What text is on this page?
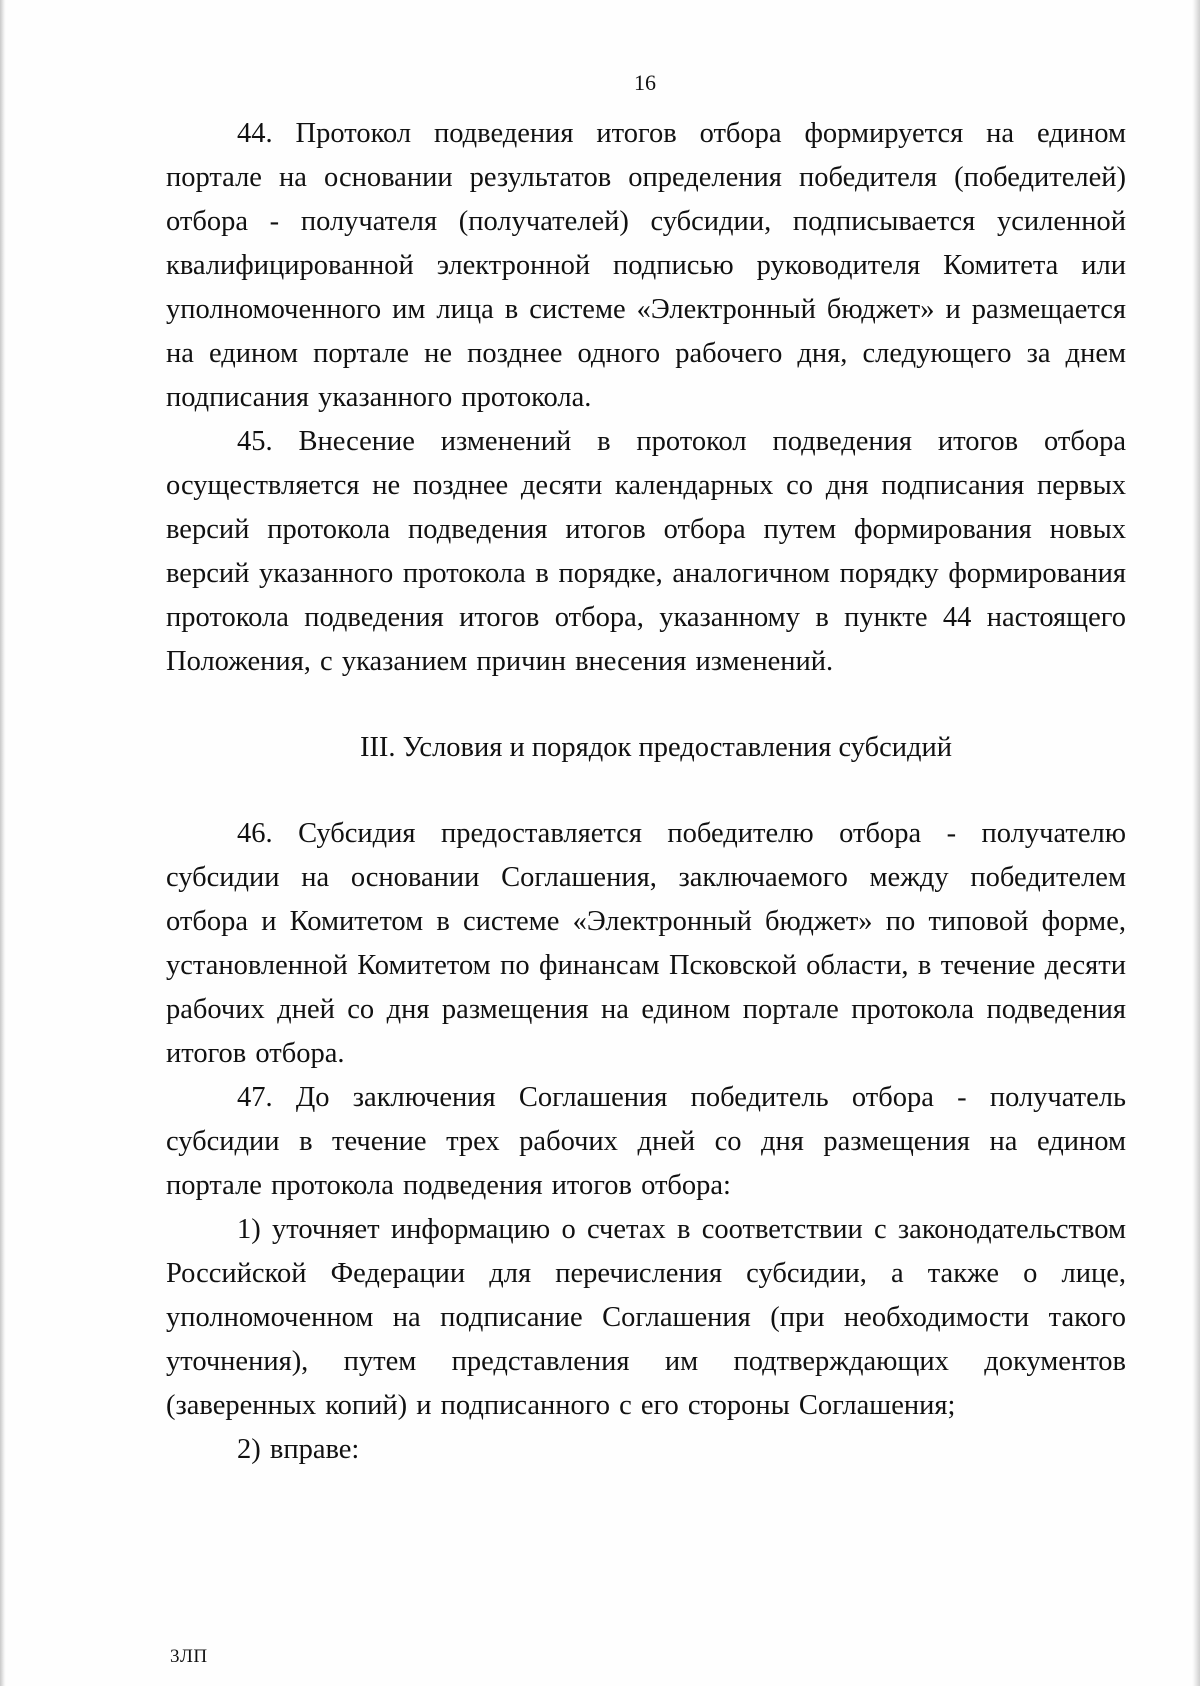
16

44. Протокол подведения итогов отбора формируется на едином портале на основании результатов определения победителя (победителей) отбора - получателя (получателей) субсидии, подписывается усиленной квалифицированной электронной подписью руководителя Комитета или уполномоченного им лица в системе «Электронный бюджет» и размещается на едином портале не позднее одного рабочего дня, следующего за днем подписания указанного протокола.

45. Внесение изменений в протокол подведения итогов отбора осуществляется не позднее десяти календарных со дня подписания первых версий протокола подведения итогов отбора путем формирования новых версий указанного протокола в порядке, аналогичном порядку формирования протокола подведения итогов отбора, указанному в пункте 44 настоящего Положения, с указанием причин внесения изменений.

III. Условия и порядок предоставления субсидий

46. Субсидия предоставляется победителю отбора - получателю субсидии на основании Соглашения, заключаемого между победителем отбора и Комитетом в системе «Электронный бюджет» по типовой форме, установленной Комитетом по финансам Псковской области, в течение десяти рабочих дней со дня размещения на едином портале протокола подведения итогов отбора.

47. До заключения Соглашения победитель отбора - получатель субсидии в течение трех рабочих дней со дня размещения на едином портале протокола подведения итогов отбора:

1) уточняет информацию о счетах в соответствии с законодательством Российской Федерации для перечисления субсидии, а также о лице, уполномоченном на подписание Соглашения (при необходимости такого уточнения), путем представления им подтверждающих документов (заверенных копий) и подписанного с его стороны Соглашения;

2) вправе:

3ЛП
